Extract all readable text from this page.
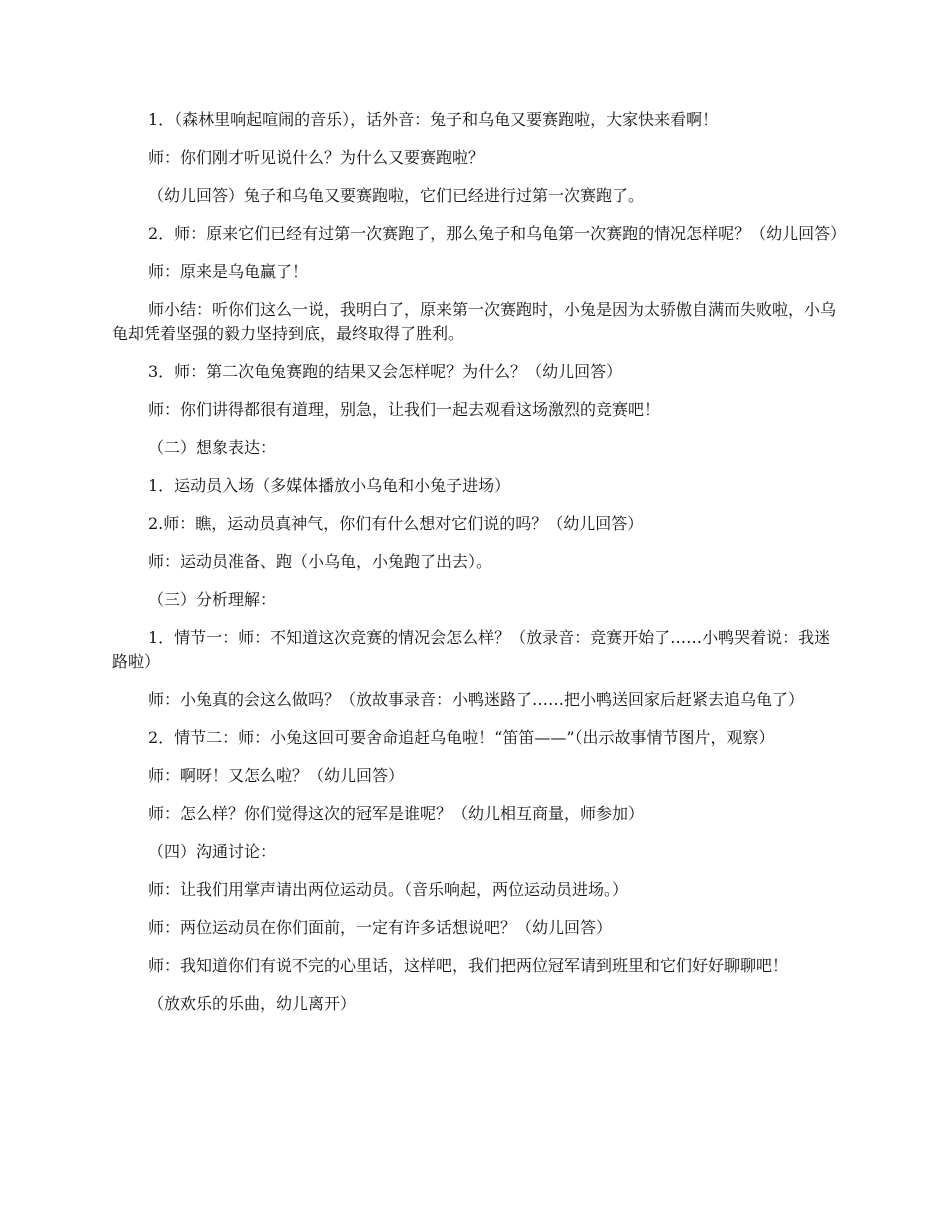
1．（森林里响起喧闹的音乐），话外音：兔子和乌龟又要赛跑啦，大家快来看啊！

师：你们刚才听见说什么？为什么又要赛跑啦？

（幼儿回答）兔子和乌龟又要赛跑啦，它们已经进行过第一次赛跑了。

2．师：原来它们已经有过第一次赛跑了，那么兔子和乌龟第一次赛跑的情况怎样呢？（幼儿回答）

师：原来是乌龟赢了！

师小结：听你们这么一说，我明白了，原来第一次赛跑时，小兔是因为太骄傲自满而失败啦，小乌龟却凭着坚强的毅力坚持到底，最终取得了胜利。

3．师：第二次龟兔赛跑的结果又会怎样呢？为什么？（幼儿回答）

师：你们讲得都很有道理，别急，让我们一起去观看这场激烈的竞赛吧！

（二）想象表达：

1．运动员入场（多媒体播放小乌龟和小兔子进场）

2.师：瞧，运动员真神气，你们有什么想对它们说的吗？（幼儿回答）

师：运动员准备、跑（小乌龟，小兔跑了出去）。

（三）分析理解：

1．情节一：师：不知道这次竞赛的情况会怎么样？（放录音：竞赛开始了……小鸭哭着说：我迷路啦）

师：小兔真的会这么做吗？（放故事录音：小鸭迷路了……把小鸭送回家后赶紧去追乌龟了）

2．情节二：师：小兔这回可要舍命追赶乌龟啦！“笛笛——”（出示故事情节图片，观察）

师：啊呀！又怎么啦？（幼儿回答）

师：怎么样？你们觉得这次的冠军是谁呢？（幼儿相互商量，师参加）

（四）沟通讨论：

师：让我们用掌声请出两位运动员。（音乐响起，两位运动员进场。）

师：两位运动员在你们面前，一定有许多话想说吧？（幼儿回答）

师：我知道你们有说不完的心里话，这样吧，我们把两位冠军请到班里和它们好好聊聊吧！

（放欢乐的乐曲，幼儿离开）
